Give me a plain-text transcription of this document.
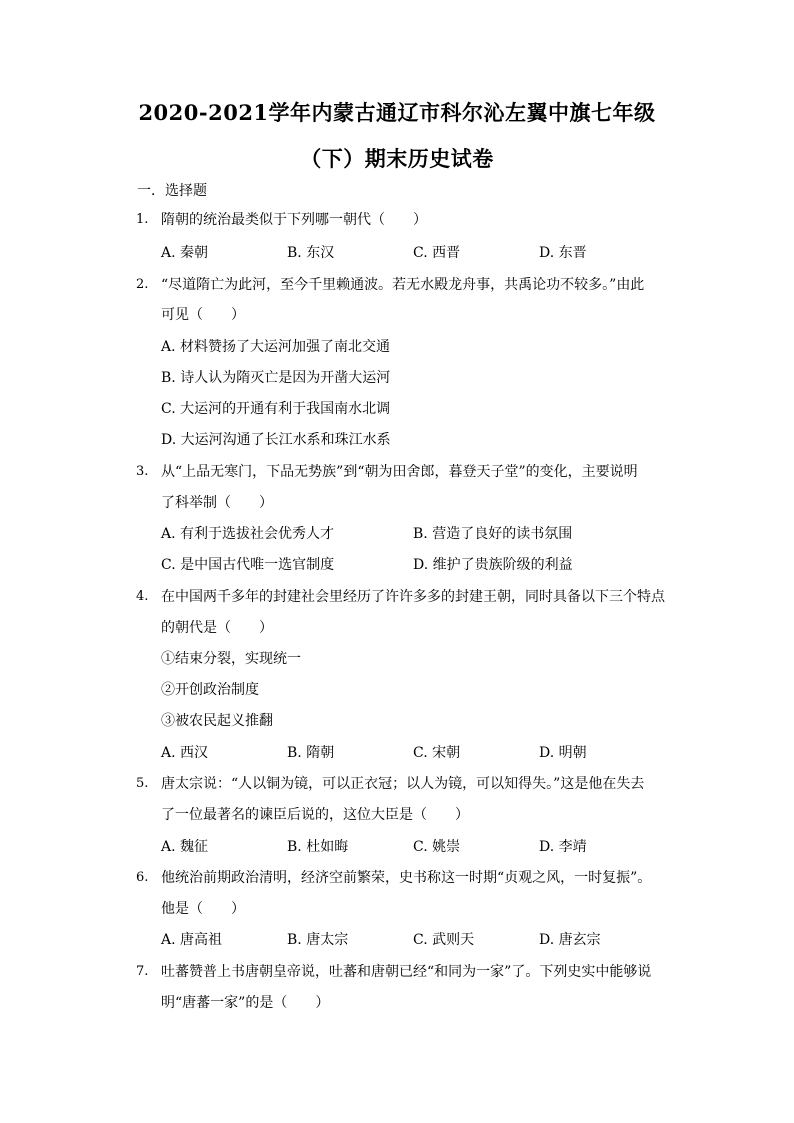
2020-2021学年内蒙古通辽市科尔沁左翼中旗七年级
（下）期末历史试卷
一．选择题
1. 隋朝的统治最类似于下列哪一朝代（　　）
A. 秦朝	B. 东汉	C. 西晋	D. 东晋
2. “尽道隋亡为此河，至今千里赖通波。若无水殿龙舟事，共禹论功不较多。”由此
可见（　　）
A. 材料赞扬了大运河加强了南北交通
B. 诗人认为隋灭亡是因为开凿大运河
C. 大运河的开通有利于我国南水北调
D. 大运河沟通了长江水系和珠江水系
3. 从“上品无寒门，下品无势族”到“朝为田舍郎，暮登天子堂”的变化，主要说明
了科举制（　　）
A. 有利于选拔社会优秀人才	B. 营造了良好的读书氛围
C. 是中国古代唯一选官制度	D. 维护了贵族阶级的利益
4. 在中国两千多年的封建社会里经历了许许多多的封建王朝，同时具备以下三个特点
的朝代是（　　）
①结束分裂，实现统一
②开创政治制度
③被农民起义推翻
A. 西汉	B. 隋朝	C. 宋朝	D. 明朝
5. 唐太宗说：“人以铜为镜，可以正衣冠；以人为镜，可以知得失。”这是他在失去
了一位最著名的谏臣后说的，这位大臣是（　　）
A. 魏征	B. 杜如晦	C. 姚崇	D. 李靖
6. 他统治前期政治清明，经济空前繁荣，史书称这一时期“贞观之风，一时复振”。
他是（　　）
A. 唐高祖	B. 唐太宗	C. 武则天	D. 唐玄宗
7. 吐蕃赞普上书唐朝皇帝说，吐蕃和唐朝已经“和同为一家”了。下列史实中能够说
明“唐蕃一家”的是（　　）
